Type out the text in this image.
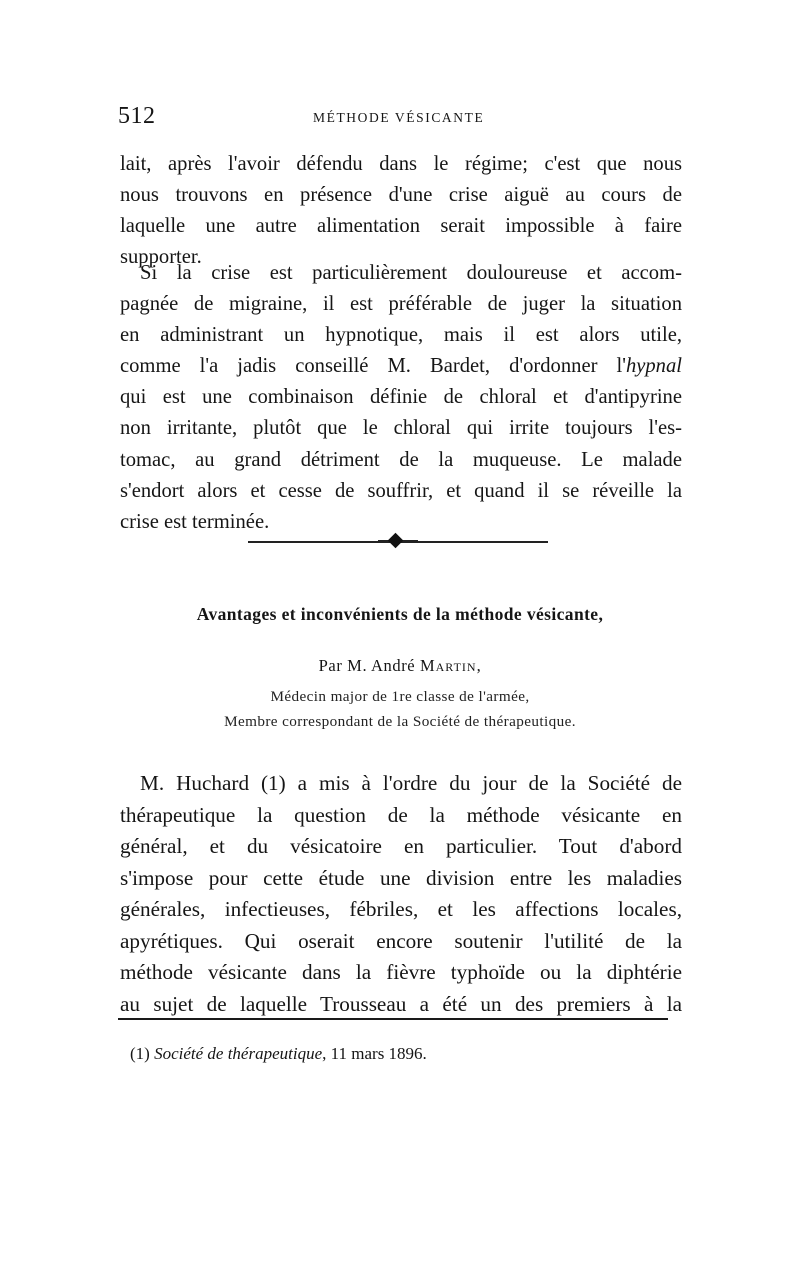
512	MÉTHODE VÉSICANTE
lait, après l'avoir défendu dans le régime; c'est que nous
nous trouvons en présence d'une crise aiguë au cours de
laquelle une autre alimentation serait impossible à faire
supporter.
Si la crise est particulièrement douloureuse et accom-
pagnée de migraine, il est préférable de juger la situation
en administrant un hypnotique, mais il est alors utile,
comme l'a jadis conseillé M. Bardet, d'ordonner l'hypnal
qui est une combinaison définie de chloral et d'antipyrine
non irritante, plutôt que le chloral qui irrite toujours l'es-
tomac, au grand détriment de la muqueuse. Le malade
s'endort alors et cesse de souffrir, et quand il se réveille la
crise est terminée.
Avantages et inconvénients de la méthode vésicante,
Par M. André Martin,
Médecin major de 1re classe de l'armée,
Membre correspondant de la Société de thérapeutique.
M. Huchard (1) a mis à l'ordre du jour de la Société de
thérapeutique la question de la méthode vésicante en
général, et du vésicatoire en particulier. Tout d'abord
s'impose pour cette étude une division entre les maladies
générales, infectieuses, fébriles, et les affections locales,
apyrétiques. Qui oserait encore soutenir l'utilité de la
méthode vésicante dans la fièvre typhoïde ou la diphtérie
au sujet de laquelle Trousseau a été un des premiers à la
(1) Société de thérapeutique, 11 mars 1896.
